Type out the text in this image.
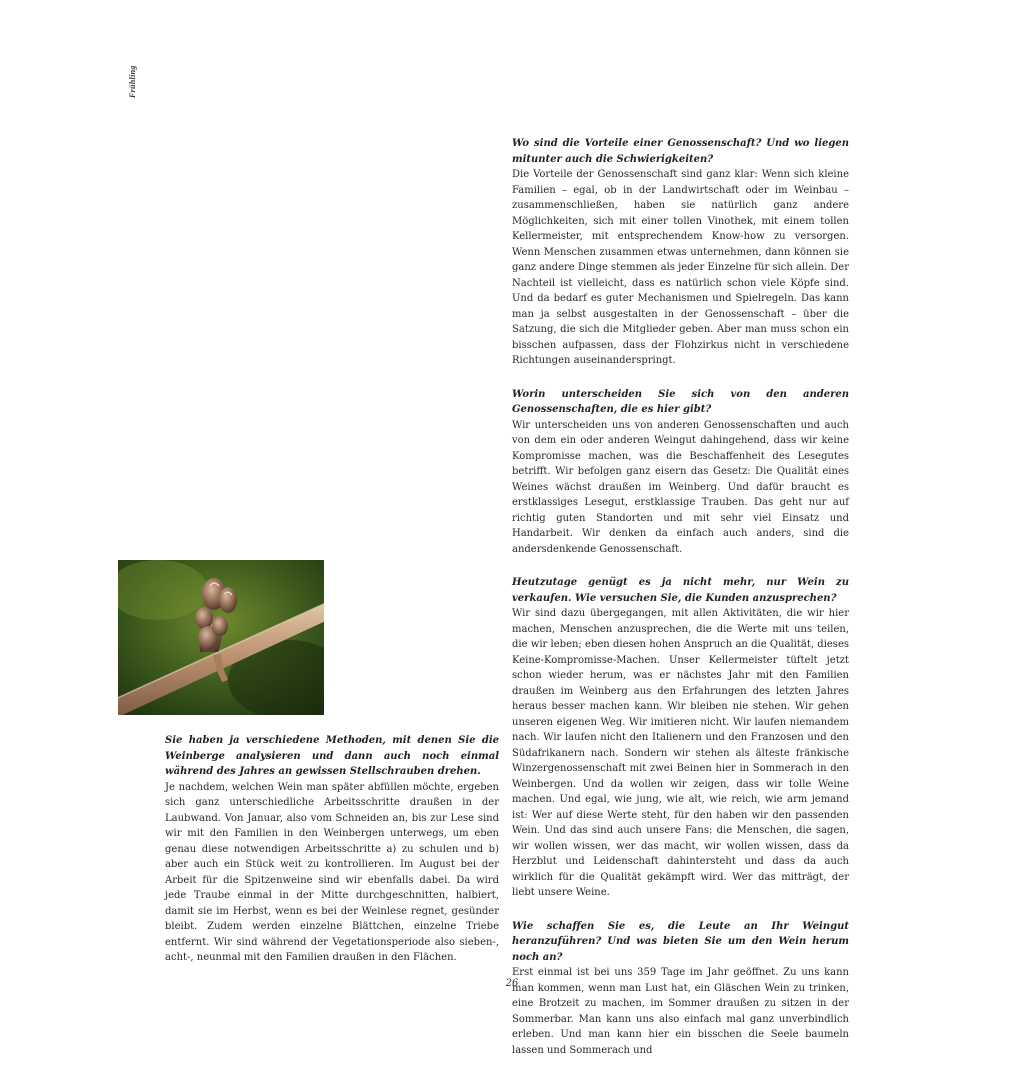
Frühling

Wo sind die Vorteile einer Genossenschaft? Und wo liegen mitunter auch die Schwierigkeiten?

Die Vorteile der Genossenschaft sind ganz klar: Wenn sich kleine Familien – egal, ob in der Landwirtschaft oder im Weinbau – zusammenschließen, haben sie natürlich ganz andere Möglichkeiten, sich mit einer tollen Vinothek, mit einem tollen Kellermeister, mit entsprechendem Know-how zu versorgen. Wenn Menschen zusammen etwas unternehmen, dann können sie ganz andere Dinge stemmen als jeder Einzelne für sich allein. Der Nachteil ist vielleicht, dass es natürlich schon viele Köpfe sind. Und da bedarf es guter Mechanismen und Spielregeln. Das kann man ja selbst ausgestalten in der Genossenschaft – über die Satzung, die sich die Mitglieder geben. Aber man muss schon ein bisschen aufpassen, dass der Flohzirkus nicht in verschiedene Richtungen auseinanderspringt.

Worin unterscheiden Sie sich von den anderen Genossenschaften, die es hier gibt?

Wir unterscheiden uns von anderen Genossenschaften und auch von dem ein oder anderen Weingut dahingehend, dass wir keine Kompromisse machen, was die Beschaffenheit des Lesegutes betrifft. Wir befolgen ganz eisern das Gesetz: Die Qualität eines Weines wächst draußen im Weinberg. Und dafür braucht es erstklassiges Lesegut, erstklassige Trauben. Das geht nur auf richtig guten Standorten und mit sehr viel Einsatz und Handarbeit. Wir denken da einfach auch anders, sind die andersdenkende Genossenschaft.

Heutzutage genügt es ja nicht mehr, nur Wein zu verkaufen. Wie versuchen Sie, die Kunden anzusprechen?

Wir sind dazu übergegangen, mit allen Aktivitäten, die wir hier machen, Menschen anzusprechen, die die Werte mit uns teilen, die wir leben; eben diesen hohen Anspruch an die Qualität, dieses Keine-Kompromisse-Machen. Unser Kellermeister tüftelt jetzt schon wieder herum, was er nächstes Jahr mit den Familien draußen im Weinberg aus den Erfahrungen des letzten Jahres heraus besser machen kann. Wir bleiben nie stehen. Wir gehen unseren eigenen Weg. Wir imitieren nicht. Wir laufen niemandem nach. Wir laufen nicht den Italienern und den Franzosen und den Südafrikanern nach. Sondern wir stehen als älteste fränkische Winzergenossenschaft mit zwei Beinen hier in Sommerach in den Weinbergen. Und da wollen wir zeigen, dass wir tolle Weine machen. Und egal, wie jung, wie alt, wie reich, wie arm jemand ist: Wer auf diese Werte steht, für den haben wir den passenden Wein. Und das sind auch unsere Fans: die Menschen, die sagen, wir wollen wissen, wer das macht, wir wollen wissen, dass da Herzblut und Leidenschaft dahintersteht und dass da auch wirklich für die Qualität gekämpft wird. Wer das mitträgt, der liebt unsere Weine.

Wie schaffen Sie es, die Leute an Ihr Weingut heranzuführen? Und was bieten Sie um den Wein herum noch an?

Erst einmal ist bei uns 359 Tage im Jahr geöffnet. Zu uns kann man kommen, wenn man Lust hat, ein Gläschen Wein zu trinken, eine Brotzeit zu machen, im Sommer draußen zu sitzen in der Sommerbar. Man kann uns also einfach mal ganz unverbindlich erleben. Und man kann hier ein bisschen die Seele baumeln lassen und Sommerach und

Sie haben ja verschiedene Methoden, mit denen Sie die Weinberge analysieren und dann auch noch einmal während des Jahres an gewissen Stellschrauben drehen.

Je nachdem, welchen Wein man später abfüllen möchte, ergeben sich ganz unterschiedliche Arbeitsschritte draußen in der Laubwand. Von Januar, also vom Schneiden an, bis zur Lese sind wir mit den Familien in den Weinbergen unterwegs, um eben genau diese notwendigen Arbeitsschritte a) zu schulen und b) aber auch ein Stück weit zu kontrollieren. Im August bei der Arbeit für die Spitzenweine sind wir ebenfalls dabei. Da wird jede Traube einmal in der Mitte durchgeschnitten, halbiert, damit sie im Herbst, wenn es bei der Weinlese regnet, gesünder bleibt. Zudem werden einzelne Blättchen, einzelne Triebe entfernt. Wir sind während der Vegetationsperiode also sieben-, acht-, neunmal mit den Familien draußen in den Flächen.

26
